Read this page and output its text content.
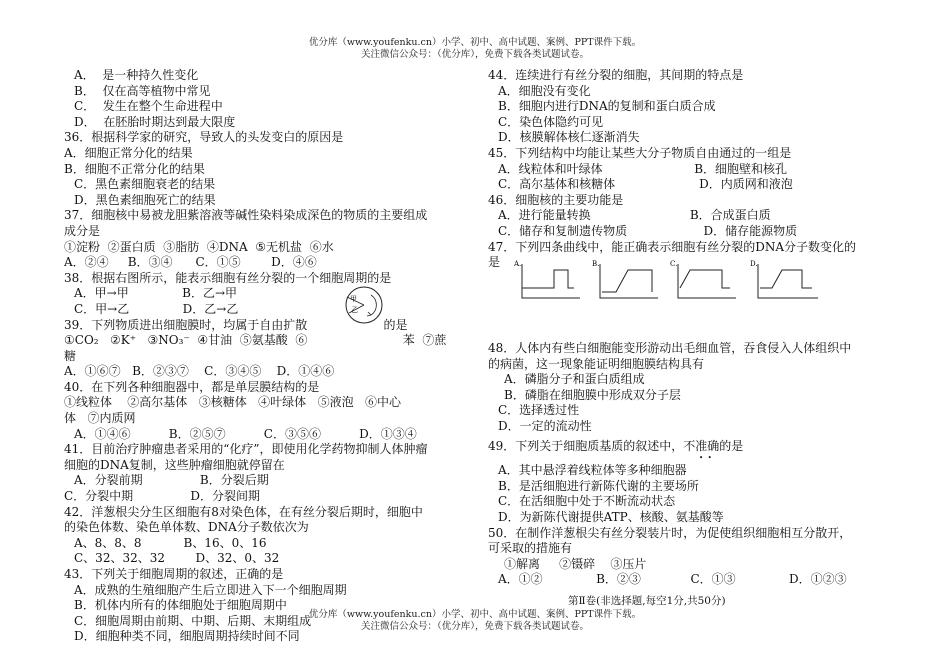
优分库（www.youfenku.cn）小学、初中、高中试题、案例、PPT课件下载。
关注微信公众号：（优分库），免费下载各类试题试卷。
A．  是一种持久性变化
B．  仅在高等植物中常见
C．  发生在整个生命进程中
D．  在胚胎时期达到最大限度
36．根据科学家的研究，导致人的头发变白的原因是
A．细胞正常分化的结果
B．细胞不正常分化的结果
C．黑色素细胞衰老的结果
D．黑色素细胞死亡的结果
37．细胞核中易被龙胆紫溶液等碱性染料染成深色的物质的主要组成
成分是
①淀粉  ②蛋白质  ③脂肪  ④DNA  ⑤无机盐  ⑥水
A．②④     B．③④      C．①⑤        D．④⑥
38．根据右图所示，能表示细胞有丝分裂的一个细胞周期的是
A．甲→甲              B．乙→甲
C．甲→乙              D．乙→乙
39．下列物质进出细胞膜时，均属于自由扩散                    的是
①CO₂   ②K⁺   ③NO₃⁻  ④甘油  ⑤氨基酸  ⑥                         苯  ⑦蔗
糖
A．①⑥⑦   B．②③⑦    C．③④⑤    D．①④⑥
40．在下列各种细胞器中，都是单层膜结构的是
①线粒体    ②高尔基体   ③核糖体   ④叶绿体   ⑤液泡   ⑥中心
体   ⑦内质网
A．①④⑥          B．②⑤⑦          C．③⑤⑥          D．①③④
41．目前治疗肿瘤患者采用的“化疗”，即使用化学药物抑制人体肿瘤
细胞的DNA复制，这些肿瘤细胞就停留在
A．分裂前期               B．分裂后期
C．分裂中期               D．分裂间期
42．洋葱根尖分生区细胞有8对染色体，在有丝分裂后期时，细胞中
的染色体数、染色单体数、DNA分子数依次为
A、8、8、8           B、16、0、16
C、32、32、32        D、32、0、32
43．下列关于细胞周期的叙述，正确的是
A．成熟的生殖细胞产生后立即进入下一个细胞周期
B．机体内所有的体细胞处于细胞周期中
C．细胞周期由前期、中期、后期、末期组成
D．细胞种类不同，细胞周期持续时间不同
甲
乙
44．连续进行有丝分裂的细胞，其间期的特点是
A．细胞没有变化
B．细胞内进行DNA的复制和蛋白质合成
C．染色体隐约可见
D．核膜解体核仁逐渐消失
45．下列结构中均能让某些大分子物质自由通过的一组是
A．线粒体和叶绿体                        B．细胞壁和核孔
C．高尔基体和核糖体                      D．内质网和液泡
46．细胞核的主要功能是
A．进行能量转换                          B．合成蛋白质
C．储存和复制遗传物质                    D．储存能源物质
47．下列四条曲线中，能正确表示细胞有丝分裂的DNA分子数变化的
是	A.	B.	C.	D.
48．人体内有些白细胞能变形游动出毛细血管，吞食侵入人体组织中
的病菌，这一现象能证明细胞膜结构具有
A．磷脂分子和蛋白质组成
B．磷脂在细胞膜中形成双分子层
C．选择透过性
D．一定的流动性
49．下列关于细胞质基质的叙述中，不准确的是
•  •
A．其中悬浮着线粒体等多种细胞器
B．是活细胞进行新陈代谢的主要场所
C．在活细胞中处于不断流动状态
D．为新陈代谢提供ATP、核酸、氨基酸等
50．在制作洋葱根尖有丝分裂装片时，为促使组织细胞相互分散开，
可采取的措施有
①解离     ②镊碎    ③压片
A．①②              B．②③             C．①③              D．①②③
第Ⅱ卷(非选择题,每空1分,共50分)
优分库（www.youfenku.cn）小学、初中、高中试题、案例、PPT课件下载。
关注微信公众号：（优分库），免费下载各类试题试卷。
